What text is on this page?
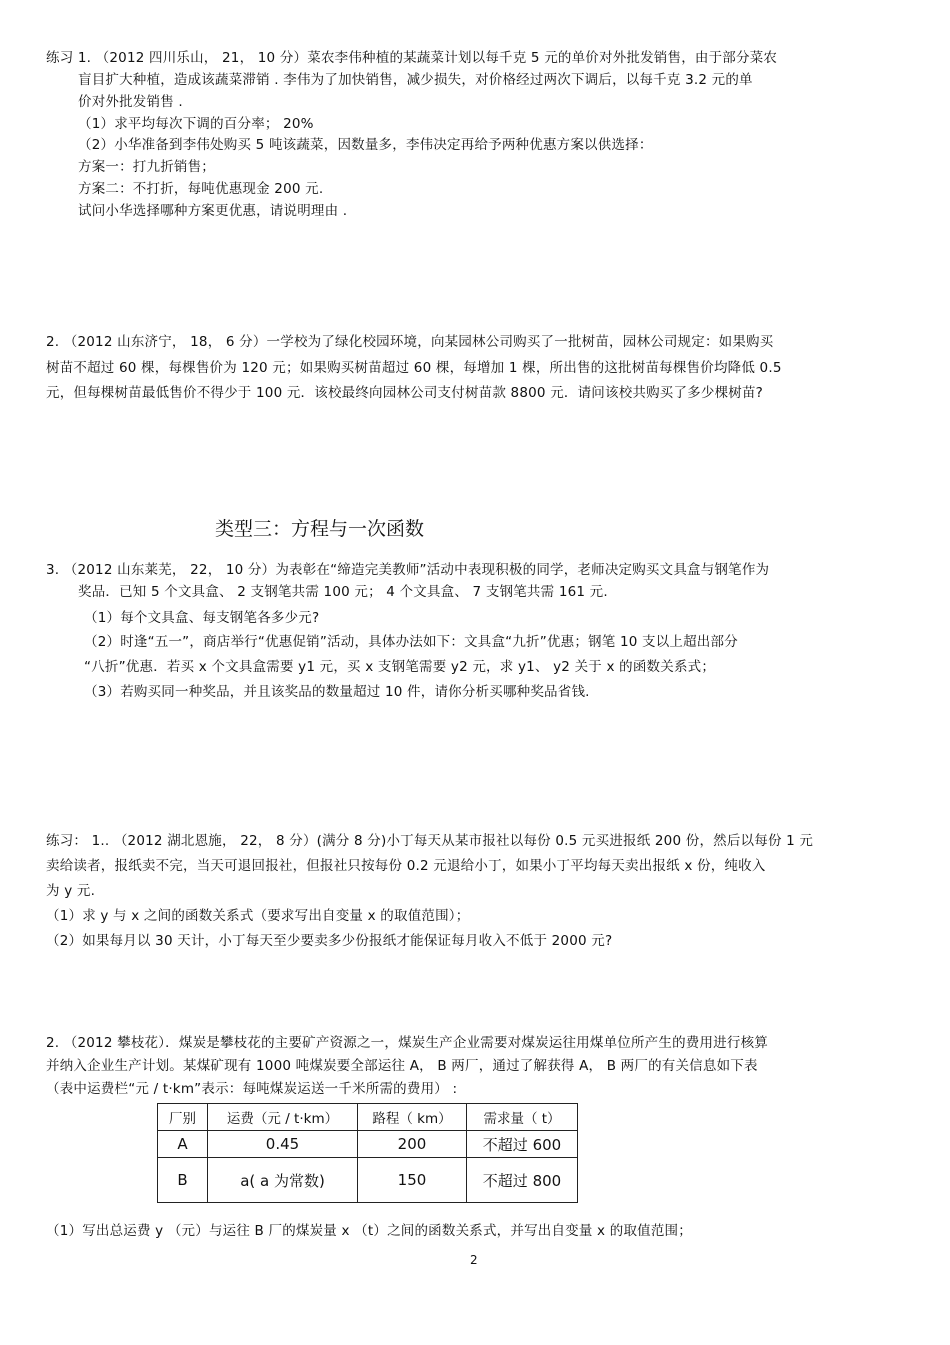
练习 1. （2012 四川乐山， 21， 10 分）菜农李伟种植的某蔬菜计划以每千克 5 元的单价对外批发销售，由于部分菜农
盲目扩大种植，造成该蔬菜滞销 . 李伟为了加快销售，减少损失，对价格经过两次下调后，以每千克 3.2 元的单
价对外批发销售 .
（1）求平均每次下调的百分率； 20%
（2）小华准备到李伟处购买 5 吨该蔬菜，因数量多，李伟决定再给予两种优惠方案以供选择：
方案一：打九折销售；
方案二：不打折，每吨优惠现金 200 元.
试问小华选择哪种方案更优惠，请说明理由 .
2. （2012 山东济宁， 18， 6 分）一学校为了绿化校园环境，向某园林公司购买了一批树苗，园林公司规定：如果购买
树苗不超过 60 棵，每棵售价为 120 元；如果购买树苗超过 60 棵，每增加 1 棵，所出售的这批树苗每棵售价均降低 0.5
元，但每棵树苗最低售价不得少于 100 元．该校最终向园林公司支付树苗款 8800 元．请问该校共购买了多少棵树苗?
类型三：方程与一次函数
3. （2012 山东莱芜， 22， 10 分）为表彰在“缔造完美教师”活动中表现积极的同学，老师决定购买文具盒与钢笔作为
奖品．已知 5 个文具盒、 2 支钢笔共需 100 元； 4 个文具盒、 7 支钢笔共需 161 元.
（1）每个文具盒、每支钢笔各多少元?
（2）时逢“五一”，商店举行“优惠促销”活动，具体办法如下：文具盒“九折”优惠；钢笔 10 支以上超出部分
“八折”优惠．若买 x 个文具盒需要 y1 元，买 x 支钢笔需要 y2 元，求 y1、 y2 关于 x 的函数关系式；
（3）若购买同一种奖品，并且该奖品的数量超过 10 件，请你分析买哪种奖品省钱.
练习： 1.. （2012 湖北恩施， 22， 8 分）(满分 8 分)小丁每天从某市报社以每份 0.5 元买进报纸 200 份，然后以每份 1 元
卖给读者，报纸卖不完，当天可退回报社，但报社只按每份 0.2 元退给小丁，如果小丁平均每天卖出报纸 x 份，纯收入
为 y 元.
（1）求 y 与 x 之间的函数关系式（要求写出自变量 x 的取值范围）；
（2）如果每月以 30 天计，小丁每天至少要卖多少份报纸才能保证每月收入不低于 2000 元?
2. （2012 攀枝花）．煤炭是攀枝花的主要矿产资源之一，煤炭生产企业需要对煤炭运往用煤单位所产生的费用进行核算
并纳入企业生产计划。某煤矿现有 1000 吨煤炭要全部运往 A， B 两厂，通过了解获得 A， B 两厂的有关信息如下表
（表中运费栏“元 / t·km”表示：每吨煤炭运送一千米所需的费用） :
厂别	运费（元 / t·km）	路程（ km）	需求量（ t）
A	0.45	200	不超过 600
B	a( a 为常数)	150	不超过 800
（1）写出总运费 y （元）与运往 B 厂的煤炭量 x （t）之间的函数关系式，并写出自变量 x 的取值范围；
2
